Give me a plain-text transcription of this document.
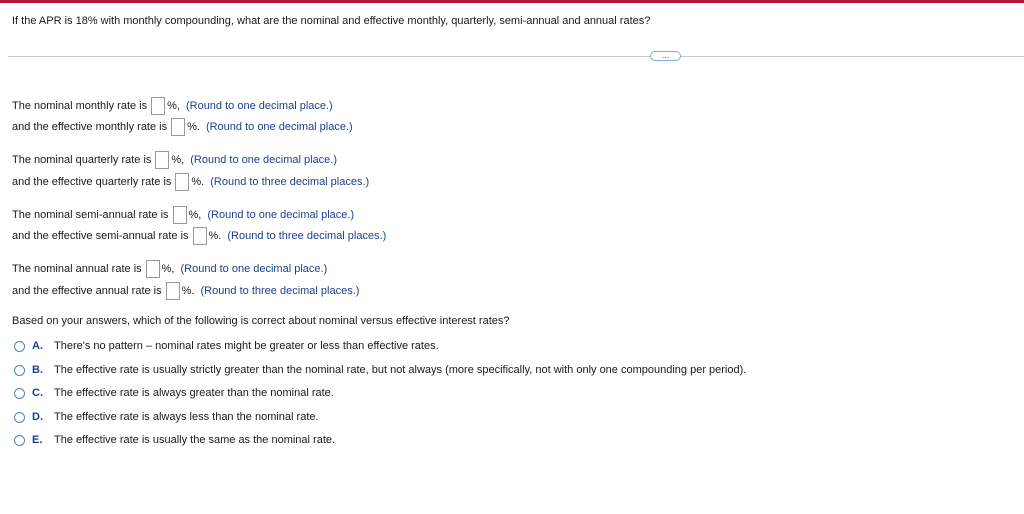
If the APR is 18% with monthly compounding, what are the nominal and effective monthly, quarterly, semi-annual and annual rates?
...
The nominal monthly rate is %, (Round to one decimal place.)
and the effective monthly rate is %. (Round to one decimal place.)
The nominal quarterly rate is %, (Round to one decimal place.)
and the effective quarterly rate is %. (Round to three decimal places.)
The nominal semi-annual rate is %, (Round to one decimal place.)
and the effective semi-annual rate is %. (Round to three decimal places.)
The nominal annual rate is %, (Round to one decimal place.)
and the effective annual rate is %. (Round to three decimal places.)
Based on your answers, which of the following is correct about nominal versus effective interest rates?
A.	There's no pattern – nominal rates might be greater or less than effective rates.
B.	The effective rate is usually strictly greater than the nominal rate, but not always (more specifically, not with only one compounding per period).
C.	The effective rate is always greater than the nominal rate.
D.	The effective rate is always less than the nominal rate.
E.	The effective rate is usually the same as the nominal rate.
